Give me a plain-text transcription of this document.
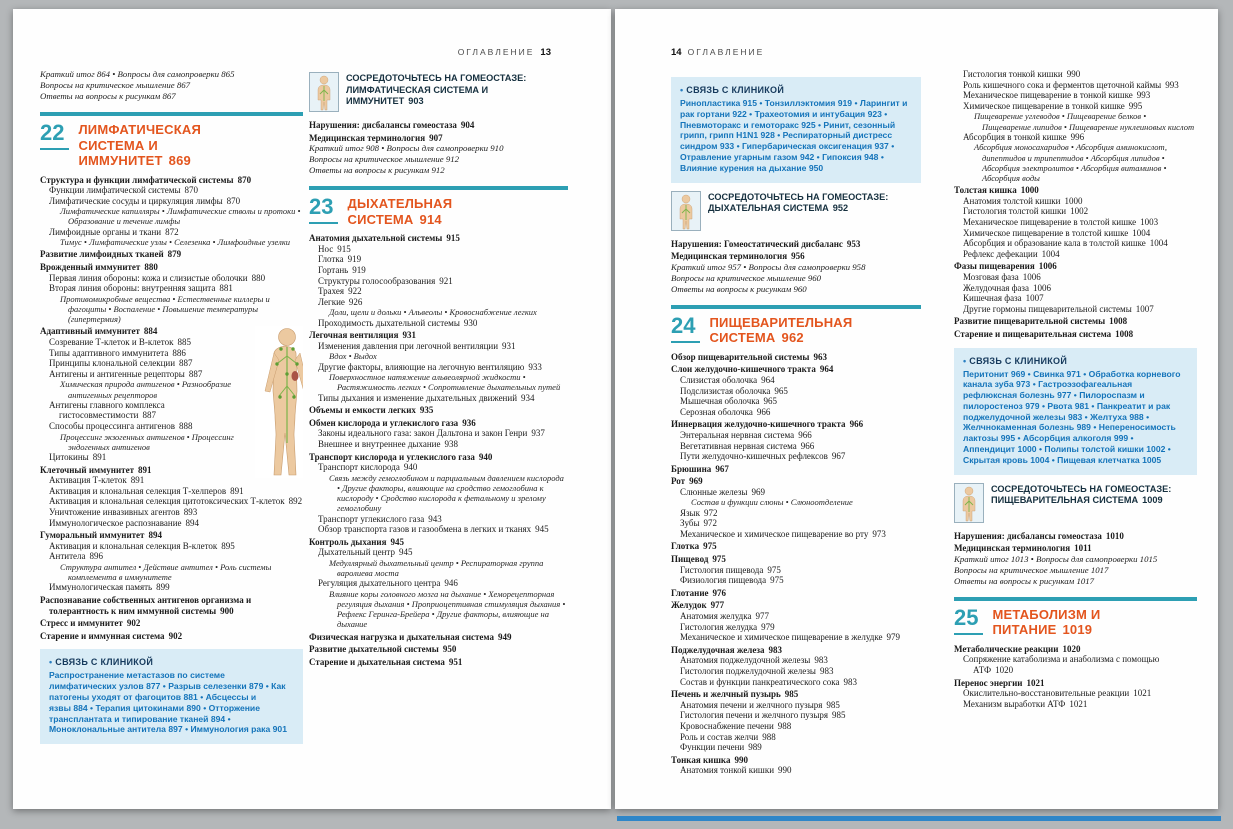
ОГЛАВЛЕНИЕ 13
Краткий итог 864 • Вопросы для самопроверки 865
Вопросы на критическое мышление 867
Ответы на вопросы к рисункам 867
22	ЛИМФАТИЧЕСКАЯ СИСТЕМА И ИММУНИТЕТ 869
Структура и функции лимфатической системы 870
Функции лимфатической системы 870
Лимфатические сосуды и циркуляция лимфы 870
Лимфатические капилляры • Лимфатические стволы и протоки • Образование и течение лимфы
Лимфоидные органы и ткани 872
Тимус • Лимфатические узлы • Селезенка • Лимфоидные узелки
Развитие лимфоидных тканей 879
Врожденный иммунитет 880
Первая линия обороны: кожа и слизистые оболочки 880
Вторая линия обороны: внутренняя защита 881
Противомикробные вещества • Естественные киллеры и фагоциты • Воспаление • Повышение температуры (гипертермия)
Адаптивный иммунитет 884
Созревание Т-клеток и В-клеток 885
Типы адаптивного иммунитета 886
Принципы клональной селекции 887
Антигены и антигенные рецепторы 887
Химическая природа антигенов • Разнообразие антигенных рецепторов
Антигены главного комплекса гистосовместимости 887
Способы процессинга антигенов 888
Процессинг экзогенных антигенов • Процессинг эндогенных антигенов
Цитокины 891
Клеточный иммунитет 891
Активация Т-клеток 891
Активация и клональная селекция Т-хелперов 891
Активация и клональная селекция цитотоксических Т-клеток 892
Уничтожение инвазивных агентов 893
Иммунологическое распознавание 894
Гуморальный иммунитет 894
Активация и клональная селекция В-клеток 895
Антитела 896
Структура антител • Действие антител • Роль системы комплемента в иммунитете
Иммунологическая память 899
Распознавание собственных антигенов организма и толерантность к ним иммунной системы 900
Стресс и иммунитет 902
Старение и иммунная система 902
• СВЯЗЬ С КЛИНИКОЙ

Распространение метастазов по системе лимфатических узлов 877 • Разрыв селезенки 879 • Как патогены уходят от фагоцитов 881 • Абсцессы и язвы 884 • Терапия цитокинами 890 • Отторжение трансплантата и типирование тканей 894 • Моноклональные антитела 897 • Иммунология рака 901

СОСРЕДОТОЧЬТЕСЬ НА ГОМЕОСТАЗЕ:
ЛИМФАТИЧЕСКАЯ СИСТЕМА И ИММУНИТЕТ 903
Нарушения: дисбалансы гомеостаза 904
Медицинская терминология 907
Краткий итог 908 • Вопросы для самопроверки 910
Вопросы на критическое мышление 912
Ответы на вопросы к рисункам 912
23	ДЫХАТЕЛЬНАЯ СИСТЕМА 914
Анатомия дыхательной системы 915
Нос 915
Глотка 919
Гортань 919
Структуры голосообразования 921
Трахея 922
Легкие 926
Доли, щели и дольки • Альвеолы • Кровоснабжение легких
Проходимость дыхательной системы 930
Легочная вентиляция 931
Изменения давления при легочной вентиляции 931
Вдох • Выдох
Другие факторы, влияющие на легочную вентиляцию 933
Поверхностное натяжение альвеолярной жидкости • Растяжимость легких • Сопротивление дыхательных путей
Типы дыхания и изменение дыхательных движений 934
Объемы и емкости легких 935
Обмен кислорода и углекислого газа 936
Законы идеального газа: закон Дальтона и закон Генри 937
Внешнее и внутреннее дыхание 938
Транспорт кислорода и углекислого газа 940
Транспорт кислорода 940
Связь между гемоглобином и парциальным давлением кислорода • Другие факторы, влияющие на сродство гемоглобина к кислороду • Сродство кислорода к фетальному и зрелому гемоглобину
Транспорт углекислого газа 943
Обзор транспорта газов и газообмена в легких и тканях 945
Контроль дыхания 945
Дыхательный центр 945
Медуллярный дыхательный центр • Респираторная группа варолиева моста
Регуляция дыхательного центра 946
Влияние коры головного мозга на дыхание • Хеморецепторная регуляция дыхания • Проприоцептивная стимуляция дыхания • Рефлекс Геринга-Брейера • Другие факторы, влияющие на дыхание
Физическая нагрузка и дыхательная система 949
Развитие дыхательной системы 950
Старение и дыхательная система 951
14 ОГЛАВЛЕНИЕ
• СВЯЗЬ С КЛИНИКОЙ

Ринопластика 915 • Тонзиллэктомия 919 • Ларингит и рак гортани 922 • Трахеотомия и интубация 923 • Пневмоторакс и гемоторакс 925 • Ринит, сезонный грипп, грипп H1N1 928 • Респираторный дистресс синдром 933 • Гипербарическая оксигенация 937 • Отравление угарным газом 942 • Гипоксия 948 • Влияние курения на дыхание 950

СОСРЕДОТОЧЬТЕСЬ НА ГОМЕОСТАЗЕ:
ДЫХАТЕЛЬНАЯ СИСТЕМА 952
Нарушения: Гомеостатический дисбаланс 953
Медицинская терминология 956
Краткий итог 957 • Вопросы для самопроверки 958
Вопросы на критическое мышление 960
Ответы на вопросы к рисункам 960
24	ПИЩЕВАРИТЕЛЬНАЯ СИСТЕМА 962
Обзор пищеварительной системы 963
Слои желудочно-кишечного тракта 964
Слизистая оболочка 964
Подслизистая оболочка 965
Мышечная оболочка 965
Серозная оболочка 966
Иннервация желудочно-кишечного тракта 966
Энтеральная нервная система 966
Вегетативная нервная система 966
Пути желудочно-кишечных рефлексов 967
Брюшина 967
Рот 969
Слюнные железы 969
Состав и функции слюны • Слюноотделение
Язык 972
Зубы 972
Механическое и химическое пищеварение во рту 973
Глотка 975
Пищевод 975
Гистология пищевода 975
Физиология пищевода 975
Глотание 976
Желудок 977
Анатомия желудка 977
Гистология желудка 979
Механическое и химическое пищеварение в желудке 979
Поджелудочная железа 983
Анатомия поджелудочной железы 983
Гистология поджелудочной железы 983
Состав и функции панкреатического сока 983
Печень и желчный пузырь 985
Анатомия печени и желчного пузыря 985
Гистология печени и желчного пузыря 985
Кровоснабжение печени 988
Роль и состав желчи 988
Функции печени 989
Тонкая кишка 990
Анатомия тонкой кишки 990
Гистология тонкой кишки 990
Роль кишечного сока и ферментов щеточной каймы 993
Механическое пищеварение в тонкой кишке 993
Химическое пищеварение в тонкой кишке 995
Пищеварение углеводов • Пищеварение белков • Пищеварение липидов • Пищеварение нуклеиновых кислот
Абсорбция в тонкой кишке 996
Абсорбция моносахаридов • Абсорбция аминокислот, дипептидов и трипептидов • Абсорбция липидов • Абсорбция электролитов • Абсорбция витаминов • Абсорбция воды
Толстая кишка 1000
Анатомия толстой кишки 1000
Гистология толстой кишки 1002
Механическое пищеварение в толстой кишке 1003
Химическое пищеварение в толстой кишке 1004
Абсорбция и образование кала в толстой кишке 1004
Рефлекс дефекации 1004
Фазы пищеварения 1006
Мозговая фаза 1006
Желудочная фаза 1006
Кишечная фаза 1007
Другие гормоны пищеварительной системы 1007
Развитие пищеварительной системы 1008
Старение и пищеварительная система 1008
• СВЯЗЬ С КЛИНИКОЙ

Перитонит 969 • Свинка 971 • Обработка корневого канала зуба 973 • Гастроэзофагеальная рефлюксная болезнь 977 • Пилороспазм и пилоростеноз 979 • Рвота 981 • Панкреатит и рак поджелудочной железы 983 • Желтуха 988 • Желчнокаменная болезнь 989 • Непереносимость лактозы 995 • Абсорбция алкоголя 999 • Аппендицит 1000 • Полипы толстой кишки 1002 • Скрытая кровь 1004 • Пищевая клетчатка 1005

СОСРЕДОТОЧЬТЕСЬ НА ГОМЕОСТАЗЕ:
ПИЩЕВАРИТЕЛЬНАЯ СИСТЕМА 1009
Нарушения: дисбалансы гомеостаза 1010
Медицинская терминология 1011
Краткий итог 1013 • Вопросы для самопроверки 1015
Вопросы на критическое мышление 1017
Ответы на вопросы к рисункам 1017
25	МЕТАБОЛИЗМ И ПИТАНИЕ 1019
Метаболические реакции 1020
Сопряжение катаболизма и анаболизма с помощью АТФ 1020
Перенос энергии 1021
Окислительно-восстановительные реакции 1021
Механизм выработки АТФ 1021
